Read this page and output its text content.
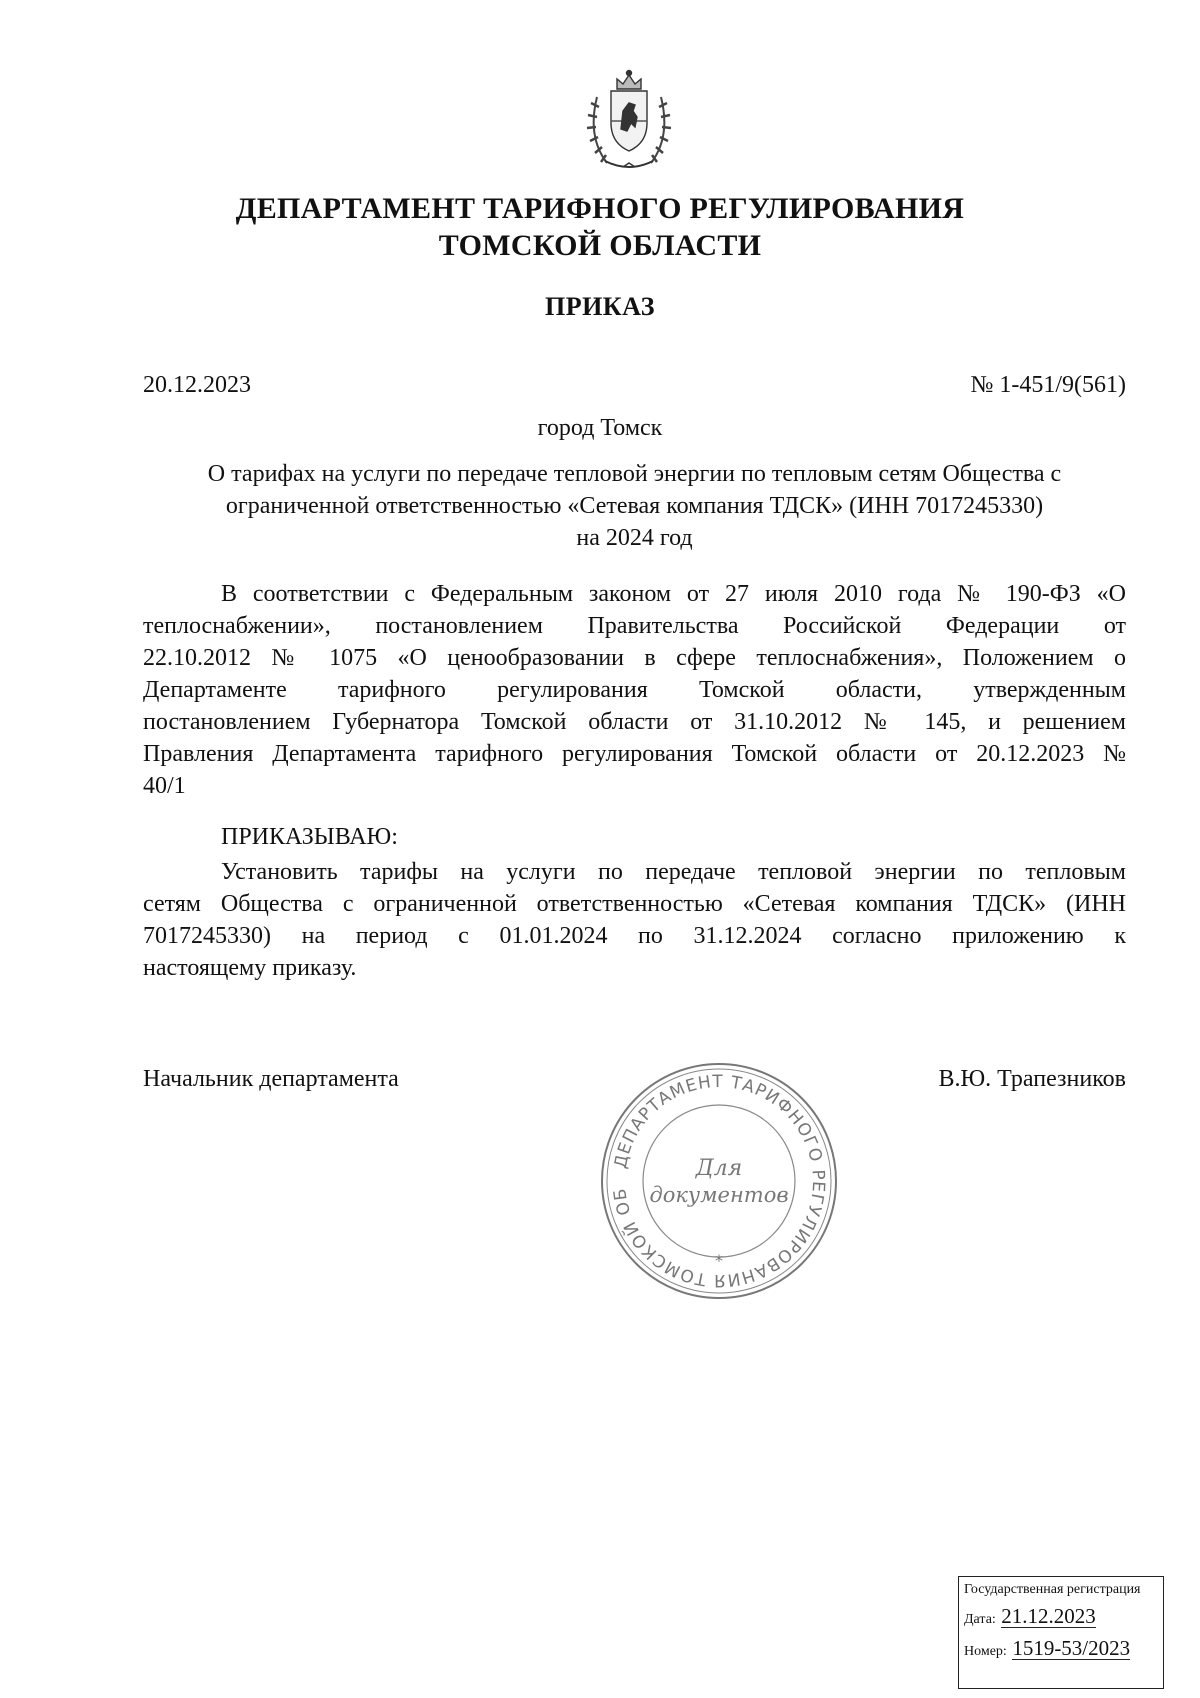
ДЕПАРТАМЕНТ ТАРИФНОГО РЕГУЛИРОВАНИЯ
ТОМСКОЙ ОБЛАСТИ
ПРИКАЗ
20.12.2023	№ 1-451/9(561)
город Томск
О тарифах на услуги по передаче тепловой энергии по тепловым сетям Общества с
ограниченной ответственностью «Сетевая компания ТДСК» (ИНН 7017245330)
на 2024 год
В соответствии с Федеральным законом от 27 июля 2010 года № 190-ФЗ «О
теплоснабжении», постановлением Правительства Российской Федерации от
22.10.2012 № 1075 «О ценообразовании в сфере теплоснабжения», Положением о
Департаменте тарифного регулирования Томской области, утвержденным
постановлением Губернатора Томской области от 31.10.2012 № 145, и решением
Правления Департамента тарифного регулирования Томской области от 20.12.2023 №
40/1
ПРИКАЗЫВАЮ:
Установить тарифы на услуги по передаче тепловой энергии по тепловым
сетям Общества с ограниченной ответственностью «Сетевая компания ТДСК» (ИНН
7017245330) на период с 01.01.2024 по 31.12.2024 согласно приложению к
настоящему приказу.
Начальник департамента	В.Ю. Трапезников
ДЕПАРТАМЕНТ ТАРИФНОГО РЕГУЛИРОВАНИЯ ТОМСКОЙ ОБ
*
Для
документов
Государственная регистрация
Дата: 21.12.2023
Номер: 1519-53/2023
